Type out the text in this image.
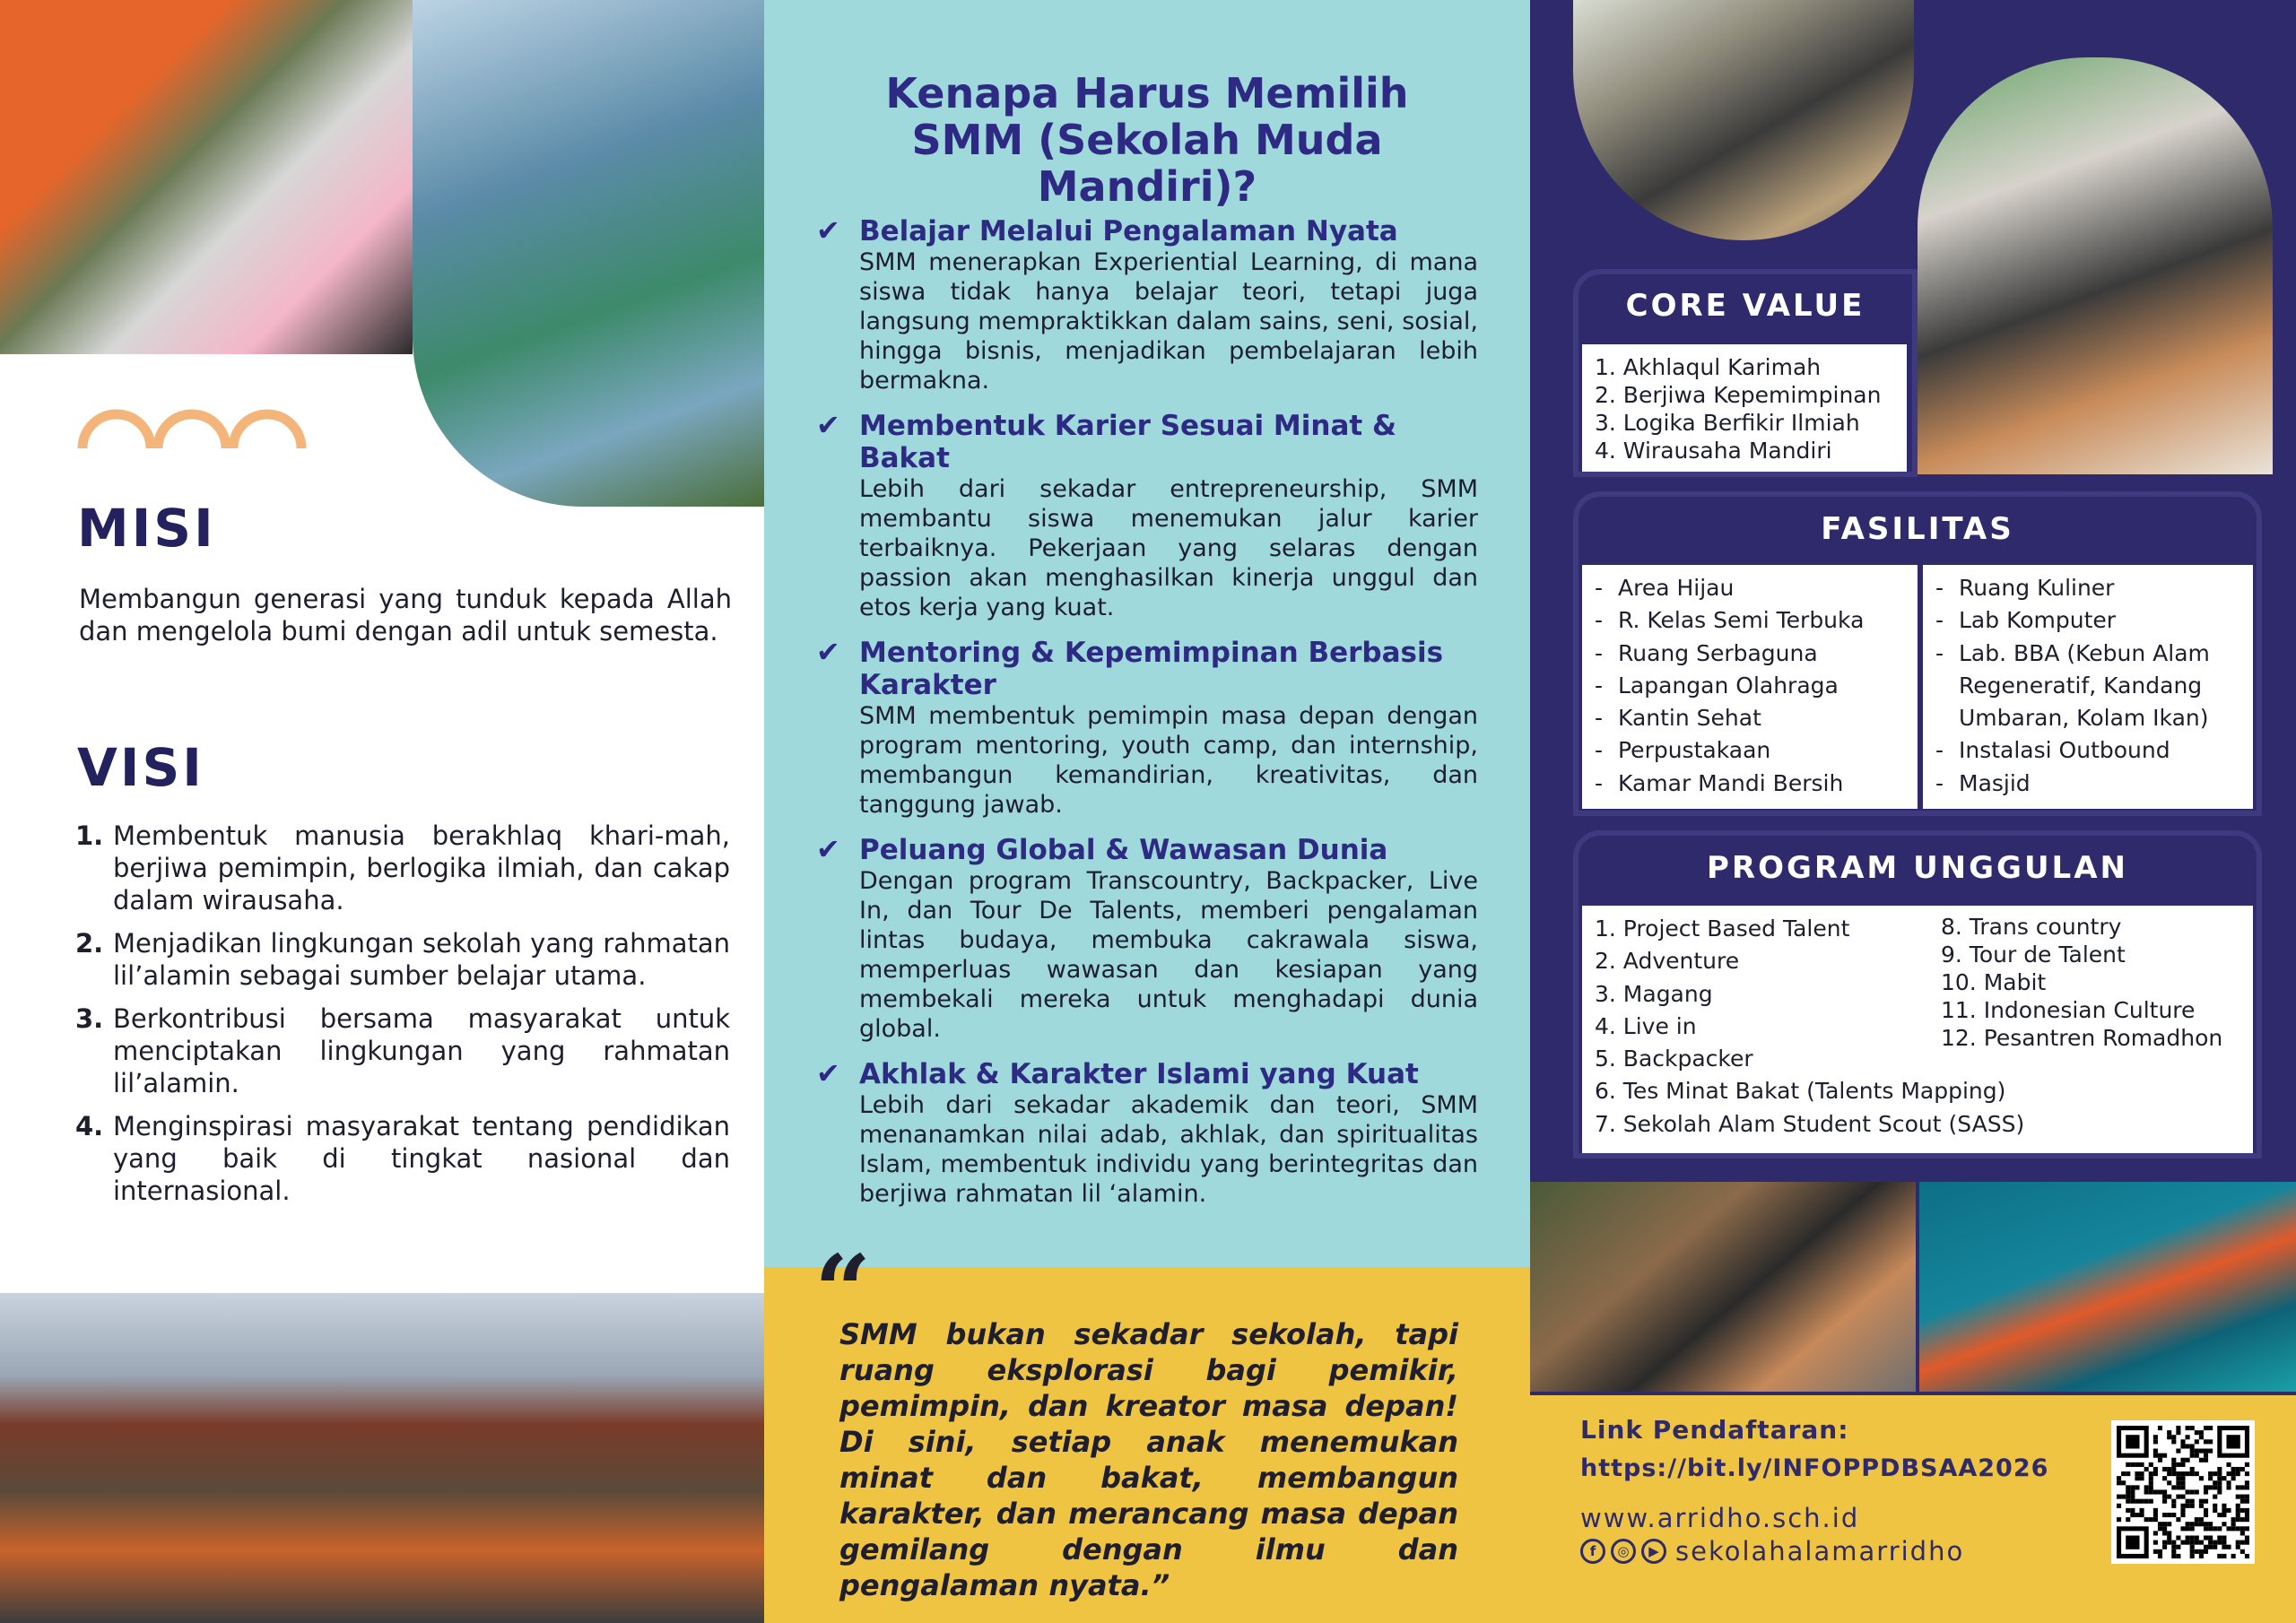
MISI

Membangun generasi yang tunduk kepada Allah dan mengelola bumi dengan adil untuk semesta.

VISI
1. Membentuk manusia berakhlaq khari-mah, berjiwa pemimpin, berlogika ilmiah, dan cakap dalam wirausaha.
2. Menjadikan lingkungan sekolah yang rahmatan lil’alamin sebagai sumber belajar utama.
3. Berkontribusi bersama masyarakat untuk menciptakan lingkungan yang rahmatan lil’alamin.
4. Menginspirasi masyarakat tentang pendidikan yang baik di tingkat nasional dan internasional.
Kenapa Harus Memilih
SMM (Sekolah Muda Mandiri)?
✔ Belajar Melalui Pengalaman Nyata
SMM menerapkan Experiential Learning, di mana siswa tidak hanya belajar teori, tetapi juga langsung mempraktikkan dalam sains, seni, sosial, hingga bisnis, menjadikan pembelajaran lebih bermakna.
✔ Membentuk Karier Sesuai Minat & Bakat
Lebih dari sekadar entrepreneurship, SMM membantu siswa menemukan jalur karier terbaiknya. Pekerjaan yang selaras dengan passion akan menghasilkan kinerja unggul dan etos kerja yang kuat.
✔ Mentoring & Kepemimpinan Berbasis Karakter
SMM membentuk pemimpin masa depan dengan program mentoring, youth camp, dan internship, membangun kemandirian, kreativitas, dan tanggung jawab.
✔ Peluang Global & Wawasan Dunia
Dengan program Transcountry, Backpacker, Live In, dan Tour De Talents, memberi pengalaman lintas budaya, membuka cakrawala siswa, memperluas wawasan dan kesiapan yang membekali mereka untuk menghadapi dunia global.
✔ Akhlak & Karakter Islami yang Kuat
Lebih dari sekadar akademik dan teori, SMM menanamkan nilai adab, akhlak, dan spiritualitas Islam, membentuk individu yang berintegritas dan berjiwa rahmatan lil ‘alamin.
“

SMM bukan sekadar sekolah, tapi ruang eksplorasi bagi pemikir, pemimpin, dan kreator masa depan! Di sini, setiap anak menemukan minat dan bakat, membangun karakter, dan merancang masa depan gemilang dengan ilmu dan pengalaman nyata.”

CORE VALUE
1. Akhlaqul Karimah
2. Berjiwa Kepemimpinan
3. Logika Berfikir Ilmiah
4. Wirausaha Mandiri
FASILITAS
- Area Hijau
- R. Kelas Semi Terbuka
- Ruang Serbaguna
- Lapangan Olahraga
- Kantin Sehat
- Perpustakaan
- Kamar Mandi Bersih
- Ruang Kuliner
- Lab Komputer
- Lab. BBA (Kebun Alam
Regeneratif, Kandang
Umbaran, Kolam Ikan)
- Instalasi Outbound
- Masjid
PROGRAM UNGGULAN
1. Project Based Talent
2. Adventure
3. Magang
4. Live in
5. Backpacker
6. Tes Minat Bakat (Talents Mapping)
7. Sekolah Alam Student Scout (SASS)
8. Trans country
9. Tour de Talent
10. Mabit
11. Indonesian Culture
12. Pesantren Romadhon
Link Pendaftaran:
https://bit.ly/INFOPPDBSAA2026
www.arridho.sch.id
f	◎	▶ sekolahalamarridho
